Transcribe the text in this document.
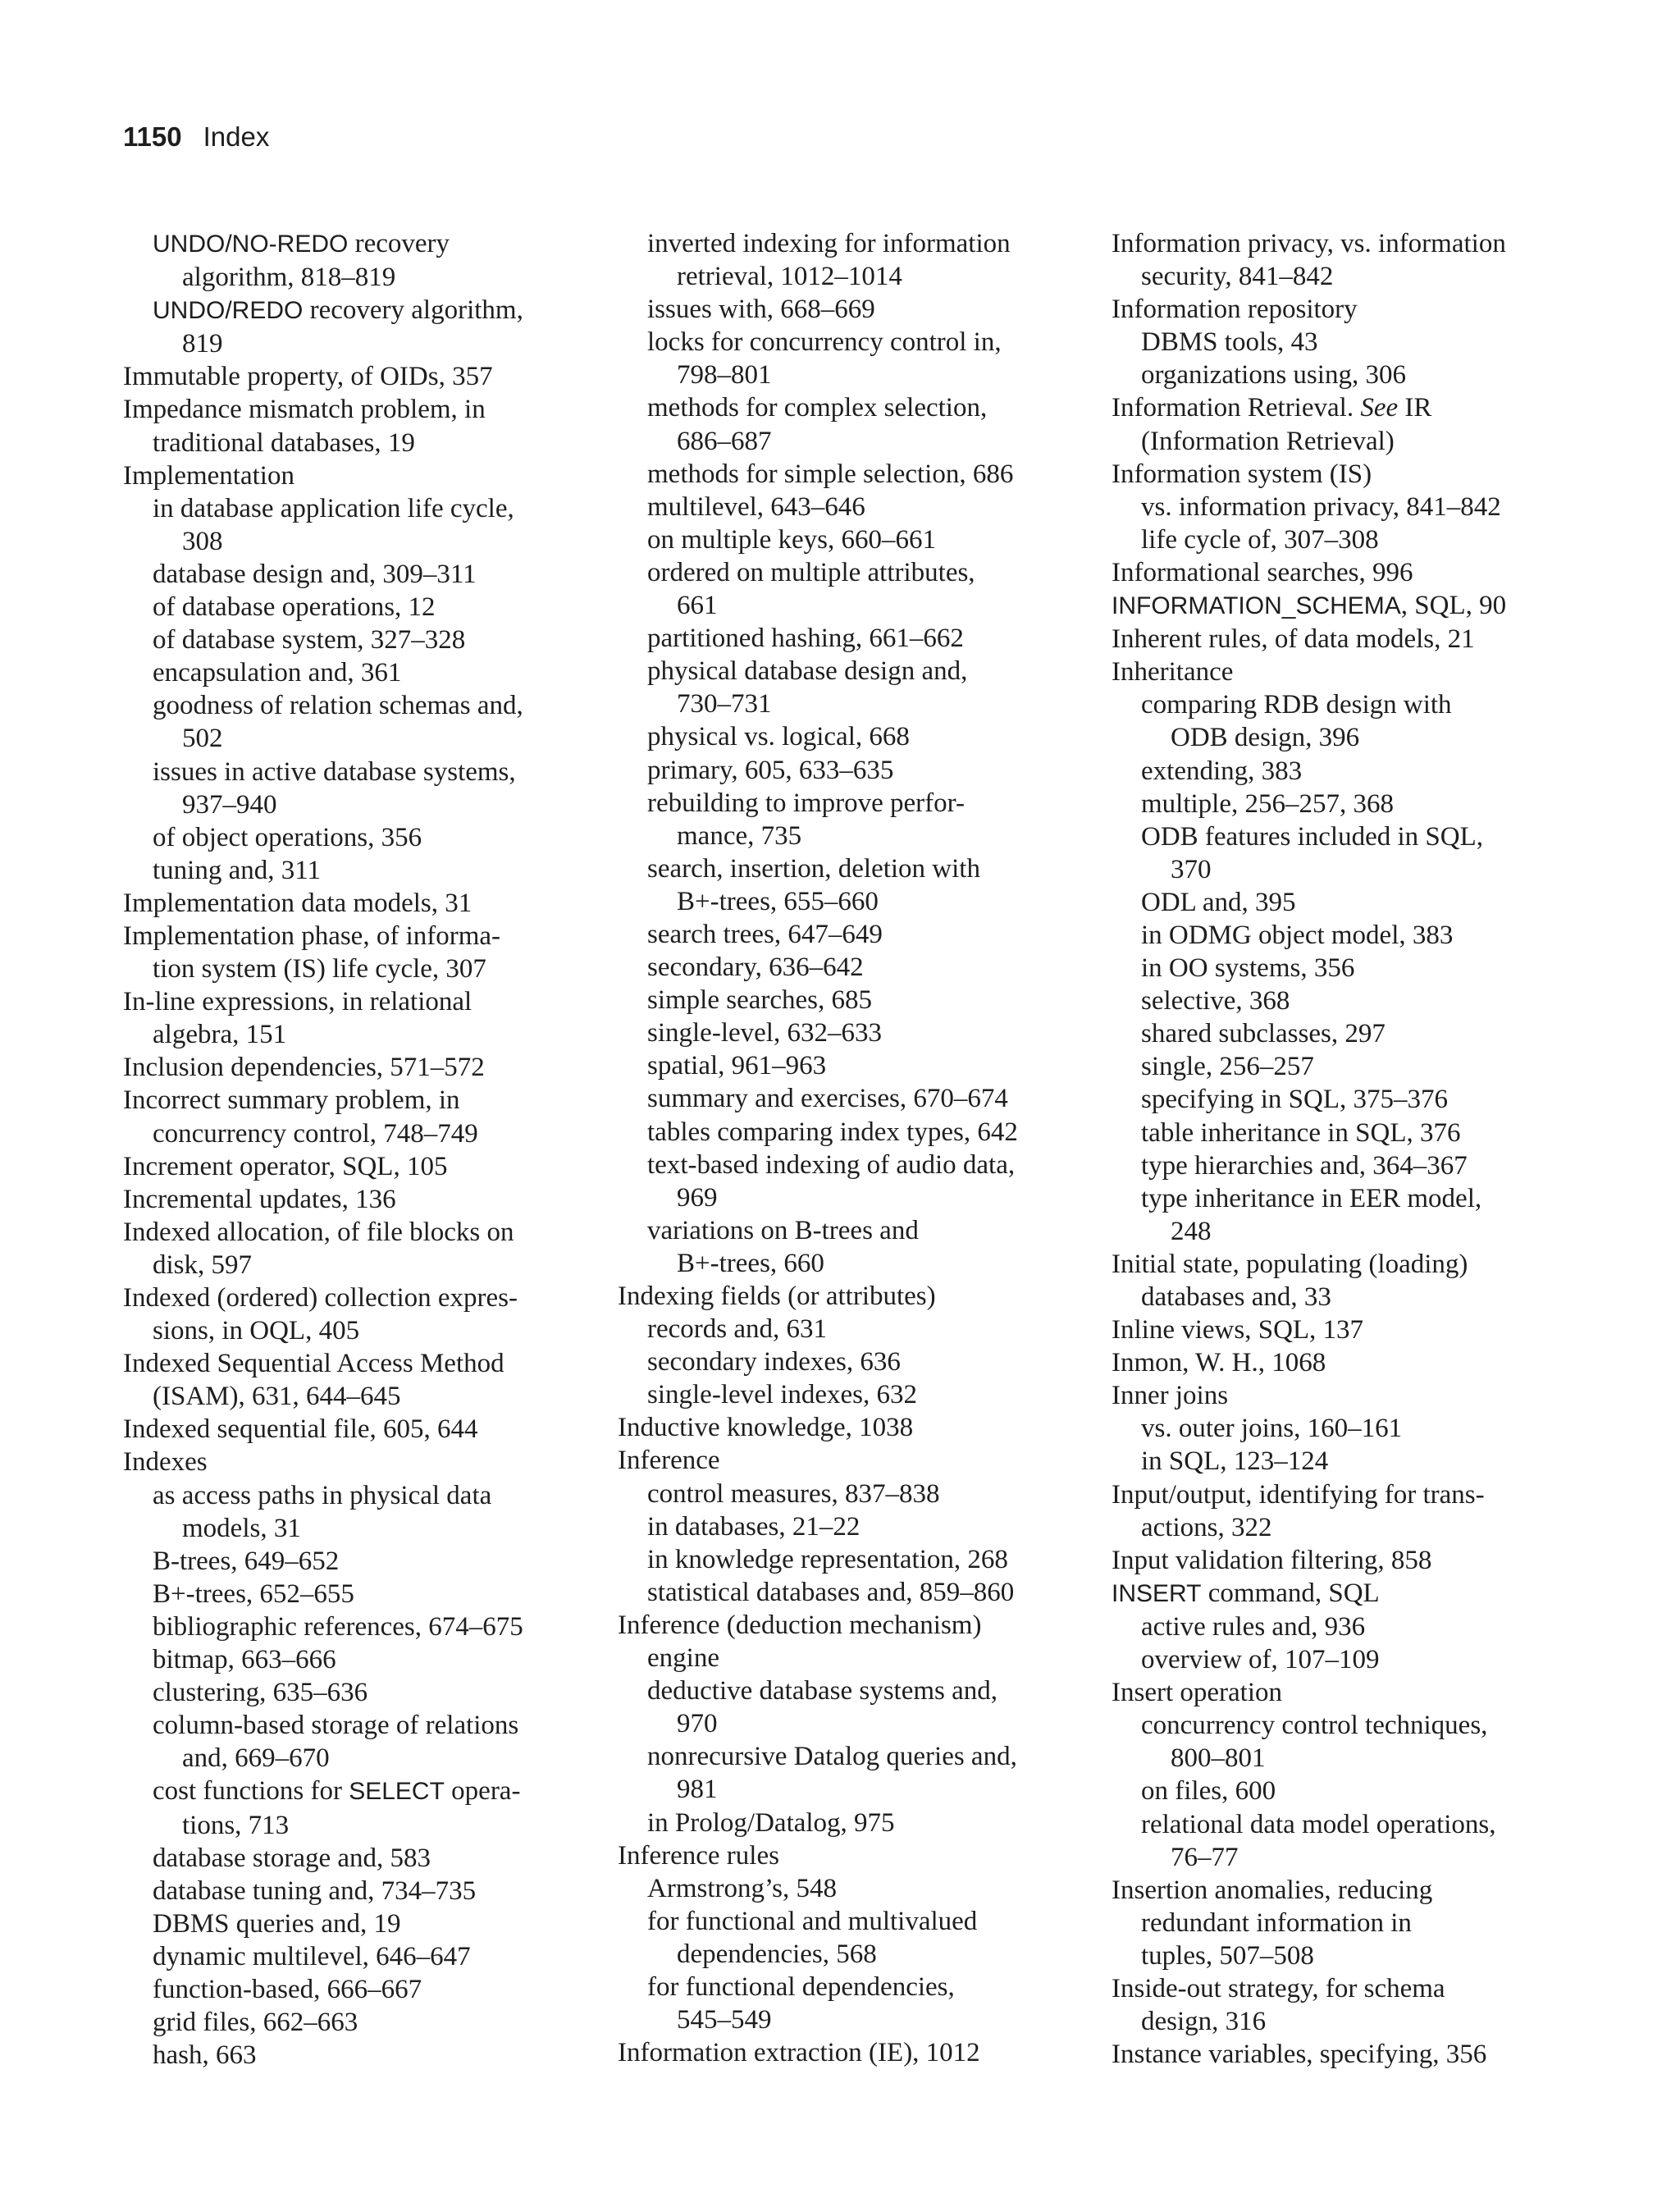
1150 Index

UNDO/NO-REDO recovery
algorithm, 818–819

UNDO/REDO recovery algorithm,
819

Immutable property, of OIDs, 357

Impedance mismatch problem, in
traditional databases, 19

Implementation

in database application life cycle,
308

database design and, 309–311

of database operations, 12

of database system, 327–328

encapsulation and, 361

goodness of relation schemas and,
502

issues in active database systems,
937–940

of object operations, 356

tuning and, 311

Implementation data models, 31

Implementation phase, of informa-
tion system (IS) life cycle, 307

In-line expressions, in relational
algebra, 151

Inclusion dependencies, 571–572

Incorrect summary problem, in
concurrency control, 748–749

Increment operator, SQL, 105

Incremental updates, 136

Indexed allocation, of file blocks on
disk, 597

Indexed (ordered) collection expres-
sions, in OQL, 405

Indexed Sequential Access Method
(ISAM), 631, 644–645

Indexed sequential file, 605, 644

Indexes

as access paths in physical data
models, 31

B-trees, 649–652

B+-trees, 652–655

bibliographic references, 674–675

bitmap, 663–666

clustering, 635–636

column-based storage of relations
and, 669–670

cost functions for SELECT opera-
tions, 713

database storage and, 583

database tuning and, 734–735

DBMS queries and, 19

dynamic multilevel, 646–647

function-based, 666–667

grid files, 662–663

hash, 663

inverted indexing for information
retrieval, 1012–1014

issues with, 668–669

locks for concurrency control in,
798–801

methods for complex selection,
686–687

methods for simple selection, 686

multilevel, 643–646

on multiple keys, 660–661

ordered on multiple attributes,
661

partitioned hashing, 661–662

physical database design and,
730–731

physical vs. logical, 668

primary, 605, 633–635

rebuilding to improve perfor-
mance, 735

search, insertion, deletion with
B+-trees, 655–660

search trees, 647–649

secondary, 636–642

simple searches, 685

single-level, 632–633

spatial, 961–963

summary and exercises, 670–674

tables comparing index types, 642

text-based indexing of audio data,
969

variations on B-trees and
B+-trees, 660

Indexing fields (or attributes)

records and, 631

secondary indexes, 636

single-level indexes, 632

Inductive knowledge, 1038

Inference

control measures, 837–838

in databases, 21–22

in knowledge representation, 268

statistical databases and, 859–860

Inference (deduction mechanism)
engine

deductive database systems and,
970

nonrecursive Datalog queries and,
981

in Prolog/Datalog, 975

Inference rules

Armstrong’s, 548

for functional and multivalued
dependencies, 568

for functional dependencies,
545–549

Information extraction (IE), 1012

Information privacy, vs. information
security, 841–842

Information repository

DBMS tools, 43

organizations using, 306

Information Retrieval. See IR
(Information Retrieval)

Information system (IS)

vs. information privacy, 841–842

life cycle of, 307–308

Informational searches, 996

INFORMATION_SCHEMA, SQL, 90

Inherent rules, of data models, 21

Inheritance

comparing RDB design with
ODB design, 396

extending, 383

multiple, 256–257, 368

ODB features included in SQL,
370

ODL and, 395

in ODMG object model, 383

in OO systems, 356

selective, 368

shared subclasses, 297

single, 256–257

specifying in SQL, 375–376

table inheritance in SQL, 376

type hierarchies and, 364–367

type inheritance in EER model,
248

Initial state, populating (loading)
databases and, 33

Inline views, SQL, 137

Inmon, W. H., 1068

Inner joins

vs. outer joins, 160–161

in SQL, 123–124

Input/output, identifying for trans-
actions, 322

Input validation filtering, 858

INSERT command, SQL

active rules and, 936

overview of, 107–109

Insert operation

concurrency control techniques,
800–801

on files, 600

relational data model operations,
76–77

Insertion anomalies, reducing
redundant information in
tuples, 507–508

Inside-out strategy, for schema
design, 316

Instance variables, specifying, 356
